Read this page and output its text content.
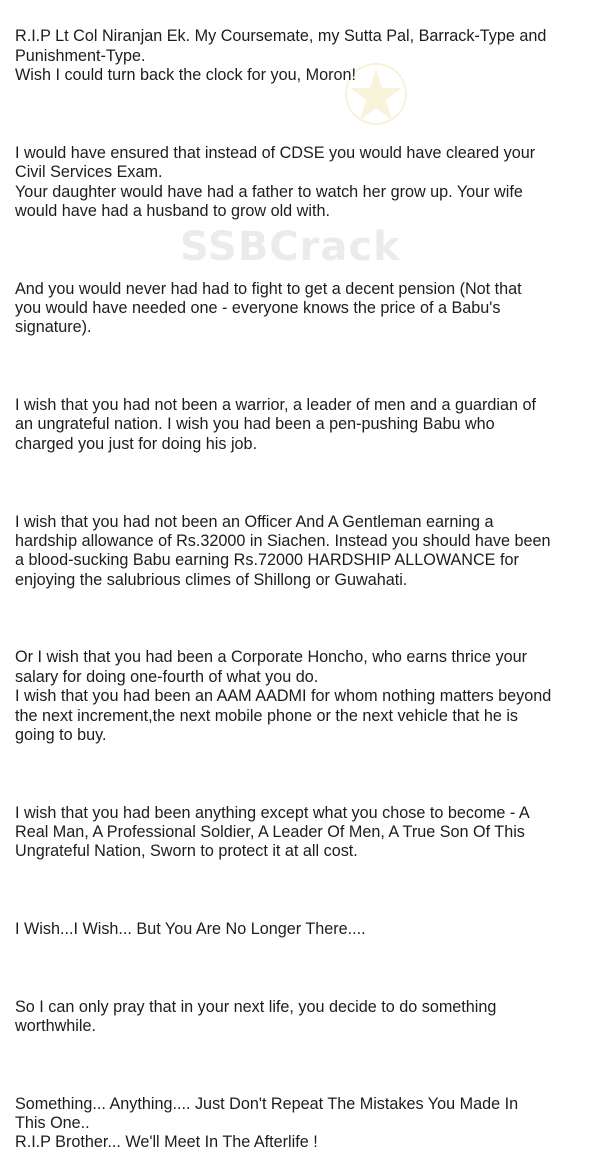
SSBCrack

R.I.P Lt Col Niranjan Ek. My Coursemate, my Sutta Pal, Barrack-Type and
Punishment-Type.
Wish I could turn back the clock for you, Moron!

I would have ensured that instead of CDSE you would have cleared your
Civil Services Exam.
Your daughter would have had a father to watch her grow up. Your wife
would have had a husband to grow old with.

And you would never had had to fight to get a decent pension (Not that
you would have needed one - everyone knows the price of a Babu's
signature).

I wish that you had not been a warrior, a leader of men and a guardian of
an ungrateful nation. I wish you had been a pen-pushing Babu who
charged you just for doing his job.

I wish that you had not been an Officer And A Gentleman earning a
hardship allowance of Rs.32000 in Siachen. Instead you should have been
a blood-sucking Babu earning Rs.72000 HARDSHIP ALLOWANCE for
enjoying the salubrious climes of Shillong or Guwahati.

Or I wish that you had been a Corporate Honcho, who earns thrice your
salary for doing one-fourth of what you do.
I wish that you had been an AAM AADMI for whom nothing matters beyond
the next increment,the next mobile phone or the next vehicle that he is
going to buy.

I wish that you had been anything except what you chose to become - A
Real Man, A Professional Soldier, A Leader Of Men, A True Son Of This
Ungrateful Nation, Sworn to protect it at all cost.

I Wish...I Wish... But You Are No Longer There....

So I can only pray that in your next life, you decide to do something
worthwhile.

Something... Anything.... Just Don't Repeat The Mistakes You Made In
This One..
R.I.P Brother... We'll Meet In The Afterlife !
